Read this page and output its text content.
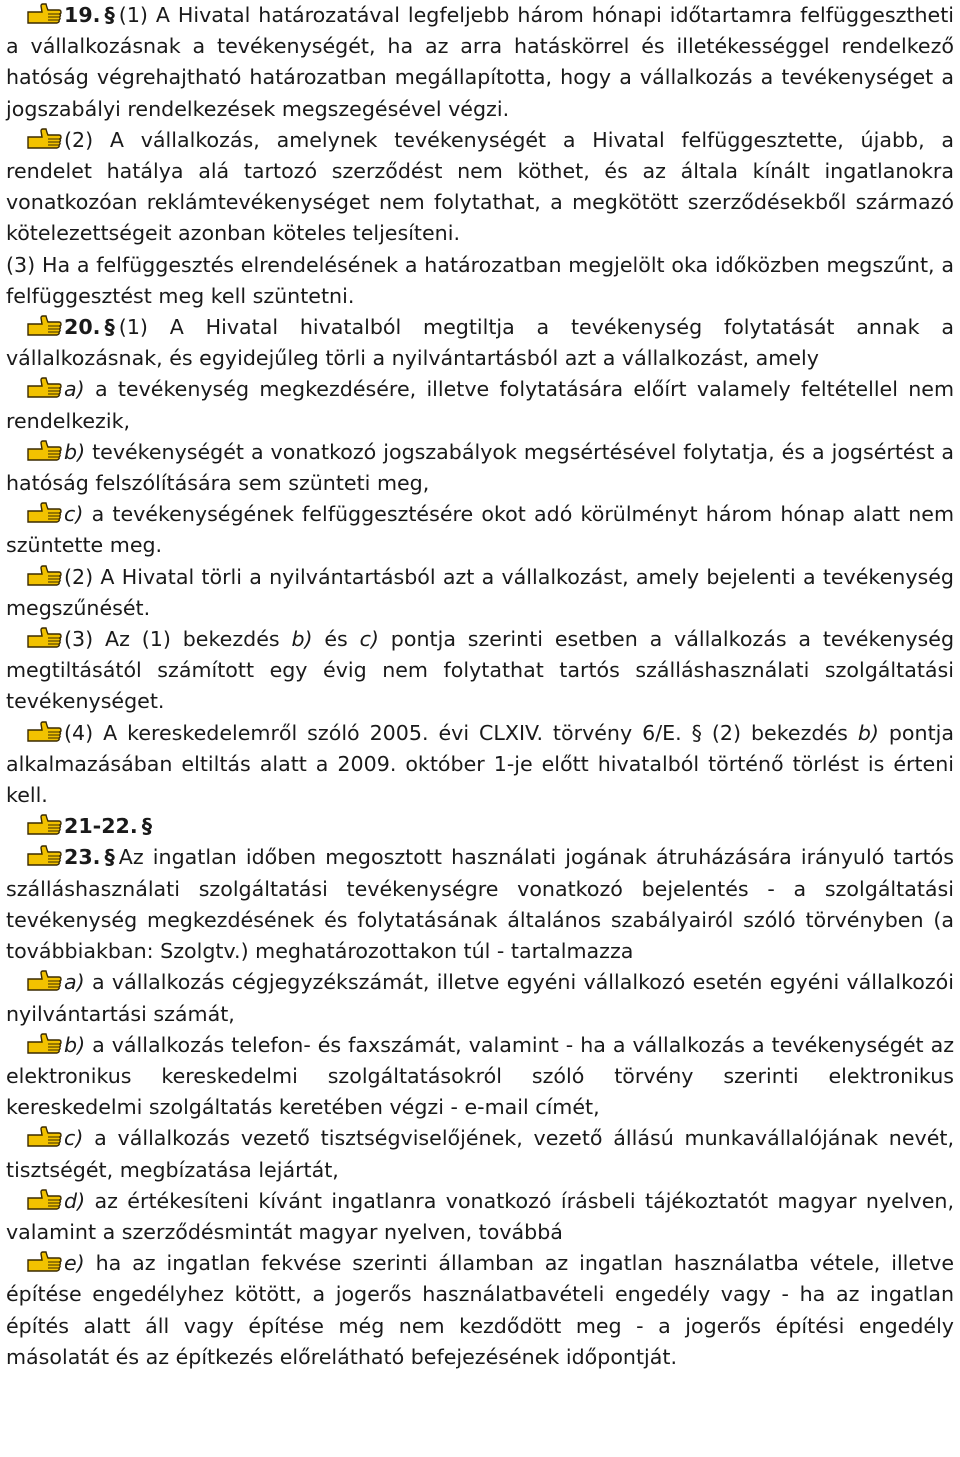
19. § (1) A Hivatal határozatával legfeljebb három hónapi időtartamra felfüggesztheti a vállalkozásnak a tevékenységét, ha az arra hatáskörrel és illetékességgel rendelkező hatóság végrehajtható határozatban megállapította, hogy a vállalkozás a tevékenységet a jogszabályi rendelkezések megszegésével végzi.

(2) A vállalkozás, amelynek tevékenységét a Hivatal felfüggesztette, újabb, a rendelet hatálya alá tartozó szerződést nem köthet, és az általa kínált ingatlanokra vonatkozóan reklámtevékenységet nem folytathat, a megkötött szerződésekből származó kötelezettségeit azonban köteles teljesíteni.

(3) Ha a felfüggesztés elrendelésének a határozatban megjelölt oka időközben megszűnt, a felfüggesztést meg kell szüntetni.

20. § (1) A Hivatal hivatalból megtiltja a tevékenység folytatását annak a vállalkozásnak, és egyidejűleg törli a nyilvántartásból azt a vállalkozást, amely

a) a tevékenység megkezdésére, illetve folytatására előírt valamely feltétellel nem rendelkezik,

b) tevékenységét a vonatkozó jogszabályok megsértésével folytatja, és a jogsértést a hatóság felszólítására sem szünteti meg,

c) a tevékenységének felfüggesztésére okot adó körülményt három hónap alatt nem szüntette meg.

(2) A Hivatal törli a nyilvántartásból azt a vállalkozást, amely bejelenti a tevékenység megszűnését.

(3) Az (1) bekezdés b) és c) pontja szerinti esetben a vállalkozás a tevékenység megtiltásától számított egy évig nem folytathat tartós szálláshasználati szolgáltatási tevékenységet.

(4) A kereskedelemről szóló 2005. évi CLXIV. törvény 6/E. § (2) bekezdés b) pontja alkalmazásában eltiltás alatt a 2009. október 1-je előtt hivatalból történő törlést is érteni kell.

21-22. §

23. § Az ingatlan időben megosztott használati jogának átruházására irányuló tartós szálláshasználati szolgáltatási tevékenységre vonatkozó bejelentés - a szolgáltatási tevékenység megkezdésének és folytatásának általános szabályairól szóló törvényben (a továbbiakban: Szolgtv.) meghatározottakon túl - tartalmazza

a) a vállalkozás cégjegyzékszámát, illetve egyéni vállalkozó esetén egyéni vállalkozói nyilvántartási számát,

b) a vállalkozás telefon- és faxszámát, valamint - ha a vállalkozás a tevékenységét az elektronikus kereskedelmi szolgáltatásokról szóló törvény szerinti elektronikus kereskedelmi szolgáltatás keretében végzi - e-mail címét,

c) a vállalkozás vezető tisztségviselőjének, vezető állású munkavállalójának nevét, tisztségét, megbízatása lejártát,

d) az értékesíteni kívánt ingatlanra vonatkozó írásbeli tájékoztatót magyar nyelven, valamint a szerződésmintát magyar nyelven, továbbá

e) ha az ingatlan fekvése szerinti államban az ingatlan használatba vétele, illetve építése engedélyhez kötött, a jogerős használatbavételi engedély vagy - ha az ingatlan építés alatt áll vagy építése még nem kezdődött meg - a jogerős építési engedély másolatát és az építkezés előrelátható befejezésének időpontját.
